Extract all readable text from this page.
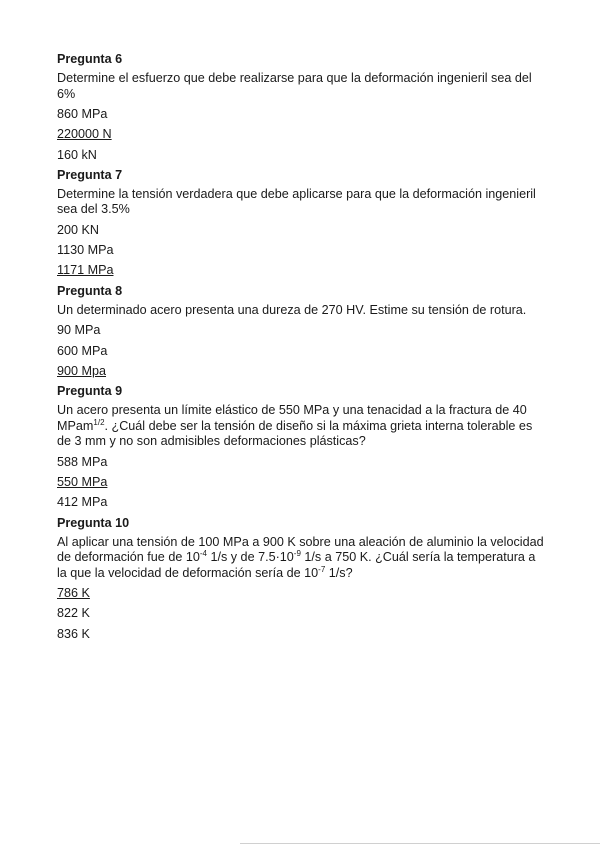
Pregunta 6
Determine el esfuerzo que debe realizarse para que la deformación ingenieril sea del 6%
860 MPa
220000 N
160 kN
Pregunta 7
Determine la tensión verdadera que debe aplicarse para que la deformación ingenieril sea del 3.5%
200 KN
1130 MPa
1171 MPa
Pregunta 8
Un determinado acero presenta una dureza de 270 HV. Estime su tensión de rotura.
90 MPa
600 MPa
900 Mpa
Pregunta 9
Un acero presenta un límite elástico de 550 MPa y una tenacidad a la fractura de 40 MPam$^{1/2}$. ¿Cuál debe ser la tensión de diseño si la máxima grieta interna tolerable es de 3 mm y no son admisibles deformaciones plásticas?
588 MPa
550 MPa
412 MPa
Pregunta 10
Al aplicar una tensión de 100 MPa a 900 K sobre una aleación de aluminio la velocidad de deformación fue de $10^{-4}$ 1/s y de $7.5\cdot 10^{-9}$ 1/s a 750 K. ¿Cuál sería la temperatura a la que la velocidad de deformación sería de $10^{-7}$ 1/s?
786 K
822 K
836 K
